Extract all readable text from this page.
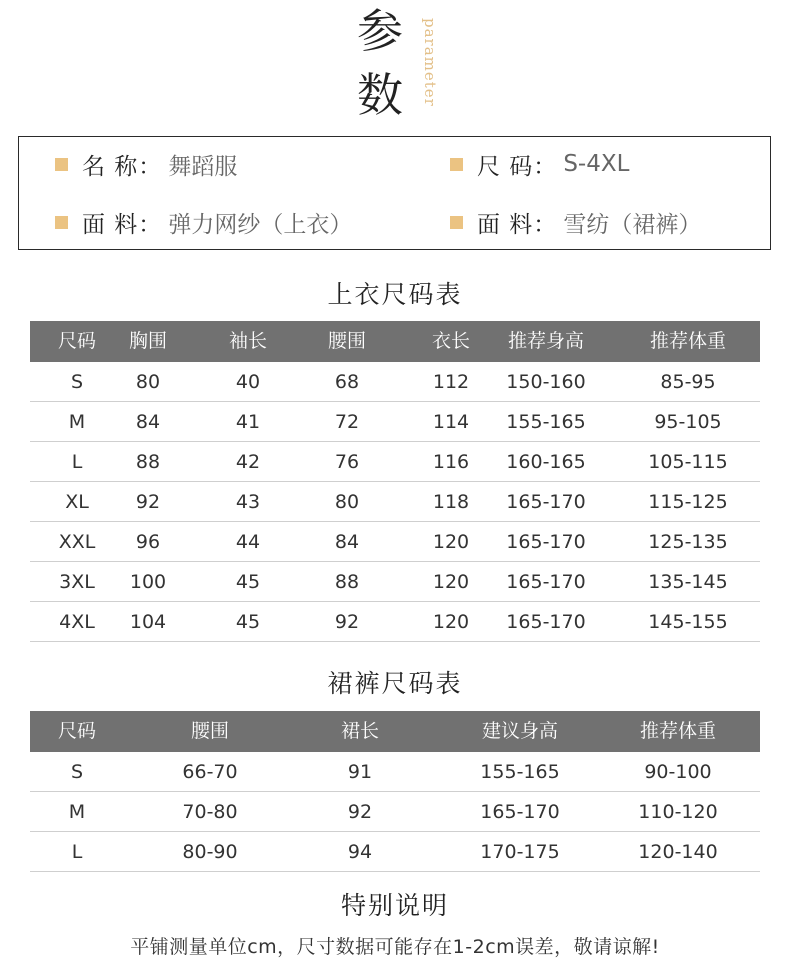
参
数 parameter
名 称： 舞蹈服	尺 码： S-4XL
面 料： 弹力网纱（上衣）	面 料： 雪纺（裙裤）
上衣尺码表
尺码 胸围	袖长	腰围	衣长 推荐身高	推荐体重
S	80	40	68	112 150-160	85-95
M	84	41	72	114 155-165	95-105
L	88	42	76	116 160-165	105-115
XL 92	43	80	118 165-170	115-125
XXL 96	44	84	120 165-170	125-135
3XL 100	45	88	120 165-170	135-145
4XL 104	45	92	120 165-170	145-155
裙裤尺码表
尺码	腰围	裙长	建议身高	推荐体重
S	66-70	91	155-165	90-100
M	70-80	92	165-170	110-120
L	80-90	94	170-175	120-140
特别说明
平铺测量单位cm，尺寸数据可能存在1-2cm误差，敬请谅解!
